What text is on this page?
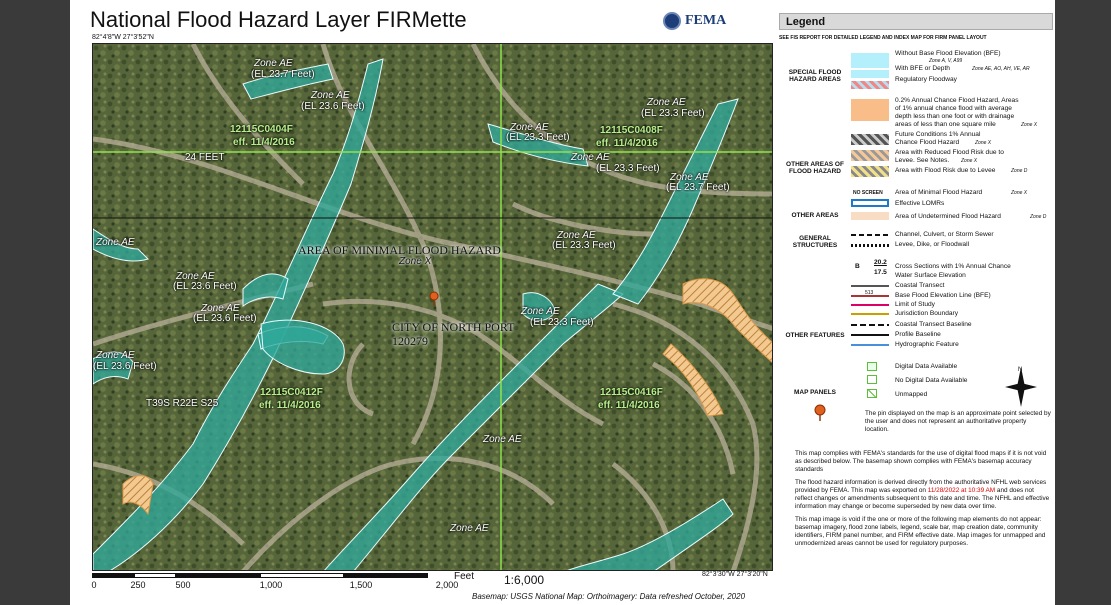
National Flood Hazard Layer FIRMette	FEMA
82°4'8"W 27°3'52"N
82°3'30"W 27°3'20"N
Zone AE
(EL 23.7 Feet)
Zone AE
(EL 23.6 Feet)
12115C0404F
eff. 11/4/2016
24 FEET
Zone AE
(EL 23.3 Feet)
Zone AE
(EL 23.3 Feet)
12115C0408F
eff. 11/4/2016
Zone AE
(EL 23.3 Feet)
Zone AE
(EL 23.7 Feet)
Zone AE
Zone AE
(EL 23.3 Feet)
AREA OF MINIMAL FLOOD HAZARD
Zone X
Zone AE
(EL 23.6 Feet)
Zone AE
(EL 23.6 Feet)
Zone AE
(EL 23.3 Feet)
CITY OF NORTH PORT
120279
Zone AE
(EL 23.6 Feet)
12115C0412F
eff. 11/4/2016
12115C0416F
eff. 11/4/2016
T39S R22E S25
Zone AE
Zone AE
Feet
0	250	500	1,000	1,500	2,000	1:6,000
Basemap: USGS National Map: Orthoimagery: Data refreshed October, 2020
Legend
SEE FIS REPORT FOR DETAILED LEGEND AND INDEX MAP FOR FIRM PANEL LAYOUT
SPECIAL FLOOD HAZARD AREAS
Without Base Flood Elevation (BFE)
Zone A, V, A99
With BFE or Depth	Zone AE, AO, AH, VE, AR
Regulatory Floodway
OTHER AREAS OF FLOOD HAZARD
0.2% Annual Chance Flood Hazard, Areas
of 1% annual chance flood with average
depth less than one foot or with drainage
areas of less than one square mile	Zone X
Future Conditions 1% Annual
Chance Flood Hazard	Zone X
Area with Reduced Flood Risk due to
Levee. See Notes. Zone X
Area with Flood Risk due to Levee	Zone D
NO SCREEN Area of Minimal Flood Hazard	Zone X
Effective LOMRs
OTHER AREAS	Area of Undetermined Flood Hazard	Zone D
GENERAL STRUCTURES
Channel, Culvert, or Storm Sewer
Levee, Dike, or Floodwall
B
20.2
17.5
Cross Sections with 1% Annual Chance
Water Surface Elevation
Coastal Transect
513	Base Flood Elevation Line (BFE)
Limit of Study
Jurisdiction Boundary
Coastal Transect Baseline
OTHER FEATURES	Profile Baseline
Hydrographic Feature
MAP PANELS
Digital Data Available
No Digital Data Available
Unmapped
N
The pin displayed on the map is an approximate point selected by the user and does not represent an authoritative property location.

This map complies with FEMA's standards for the use of digital flood maps if it is not void as described below. The basemap shown complies with FEMA's basemap accuracy standards

The flood hazard information is derived directly from the authoritative NFHL web services provided by FEMA. This map was exported on 11/28/2022 at 10:39 AM and does not reflect changes or amendments subsequent to this date and time. The NFHL and effective information may change or become superseded by new data over time.

This map image is void if the one or more of the following map elements do not appear: basemap imagery, flood zone labels, legend, scale bar, map creation date, community identifiers, FIRM panel number, and FIRM effective date. Map images for unmapped and unmodernized areas cannot be used for regulatory purposes.
